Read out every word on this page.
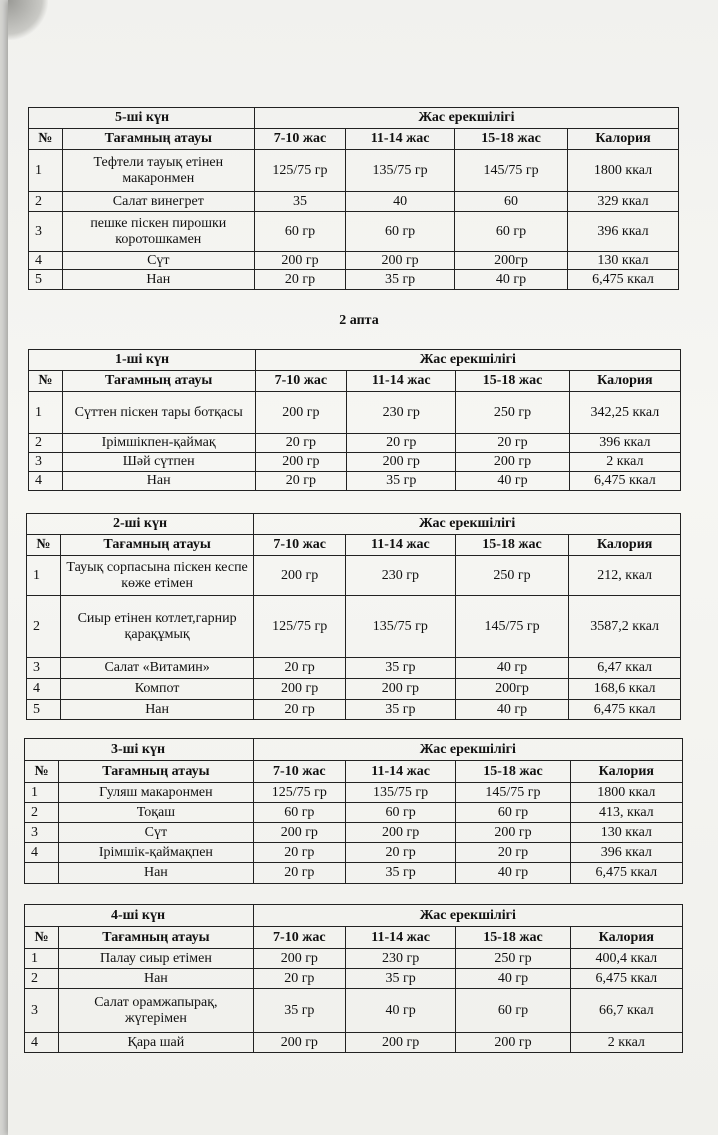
2 апта
5-ші күн		Жас ерекшілігі			
№	Тағамның атауы	7-10 жас	11-14 жас	15-18 жас	Калория
1	Тефтели тауық етінен макаронмен	125/75 гр	135/75 гр	145/75 гр	1800 ккал
2	Салат винегрет	35	40	60	329 ккал
3	пешке піскен пирошки коротошкамен	60 гр	60 гр	60 гр	396 ккал
4	Сүт	200 гр	200 гр	200гр	130 ккал
5	Нан	20 гр	35 гр	40 гр	6,475 ккал
1-ші күн		Жас ерекшілігі			
№	Тағамның атауы	7-10 жас	11-14 жас	15-18 жас	Калория
1	Сүттен піскен тары ботқасы	200 гр	230 гр	250 гр	342,25 ккал
2	Ірімшікпен-қаймақ	20 гр	20 гр	20 гр	396 ккал
3	Шәй сүтпен	200 гр	200 гр	200 гр	2 ккал
4	Нан	20 гр	35 гр	40 гр	6,475 ккал
2-ші күн		Жас ерекшілігі			
№	Тағамның атауы	7-10 жас	11-14 жас	15-18 жас	Калория
1	Тауық сорпасына піскен кеспе көже етімен	200 гр	230 гр	250 гр	212, ккал
2	Сиыр етінен котлет,гарнир қарақұмық	125/75 гр	135/75 гр	145/75 гр	3587,2 ккал
3	Салат «Витамин»	20 гр	35 гр	40 гр	6,47 ккал
4	Компот	200 гр	200 гр	200гр	168,6 ккал
5	Нан	20 гр	35 гр	40 гр	6,475 ккал
3-ші күн		Жас ерекшілігі			
№	Тағамның атауы	7-10 жас	11-14 жас	15-18 жас	Калория
1	Гуляш макаронмен	125/75 гр	135/75 гр	145/75 гр	1800 ккал
2	Тоқаш	60 гр	60 гр	60 гр	413, ккал
3	Сүт	200 гр	200 гр	200 гр	130 ккал
4	Ірімшік-қаймақпен	20 гр	20 гр	20 гр	396 ккал
	Нан	20 гр	35 гр	40 гр	6,475 ккал
4-ші күн		Жас ерекшілігі			
№	Тағамның атауы	7-10 жас	11-14 жас	15-18 жас	Калория
1	Палау сиыр етімен	200 гр	230 гр	250 гр	400,4 ккал
2	Нан	20 гр	35 гр	40 гр	6,475 ккал
3	Салат орамжапырақ, жүгерімен	35 гр	40 гр	60 гр	66,7 ккал
4	Қара шай	200 гр	200 гр	200 гр	2 ккал
